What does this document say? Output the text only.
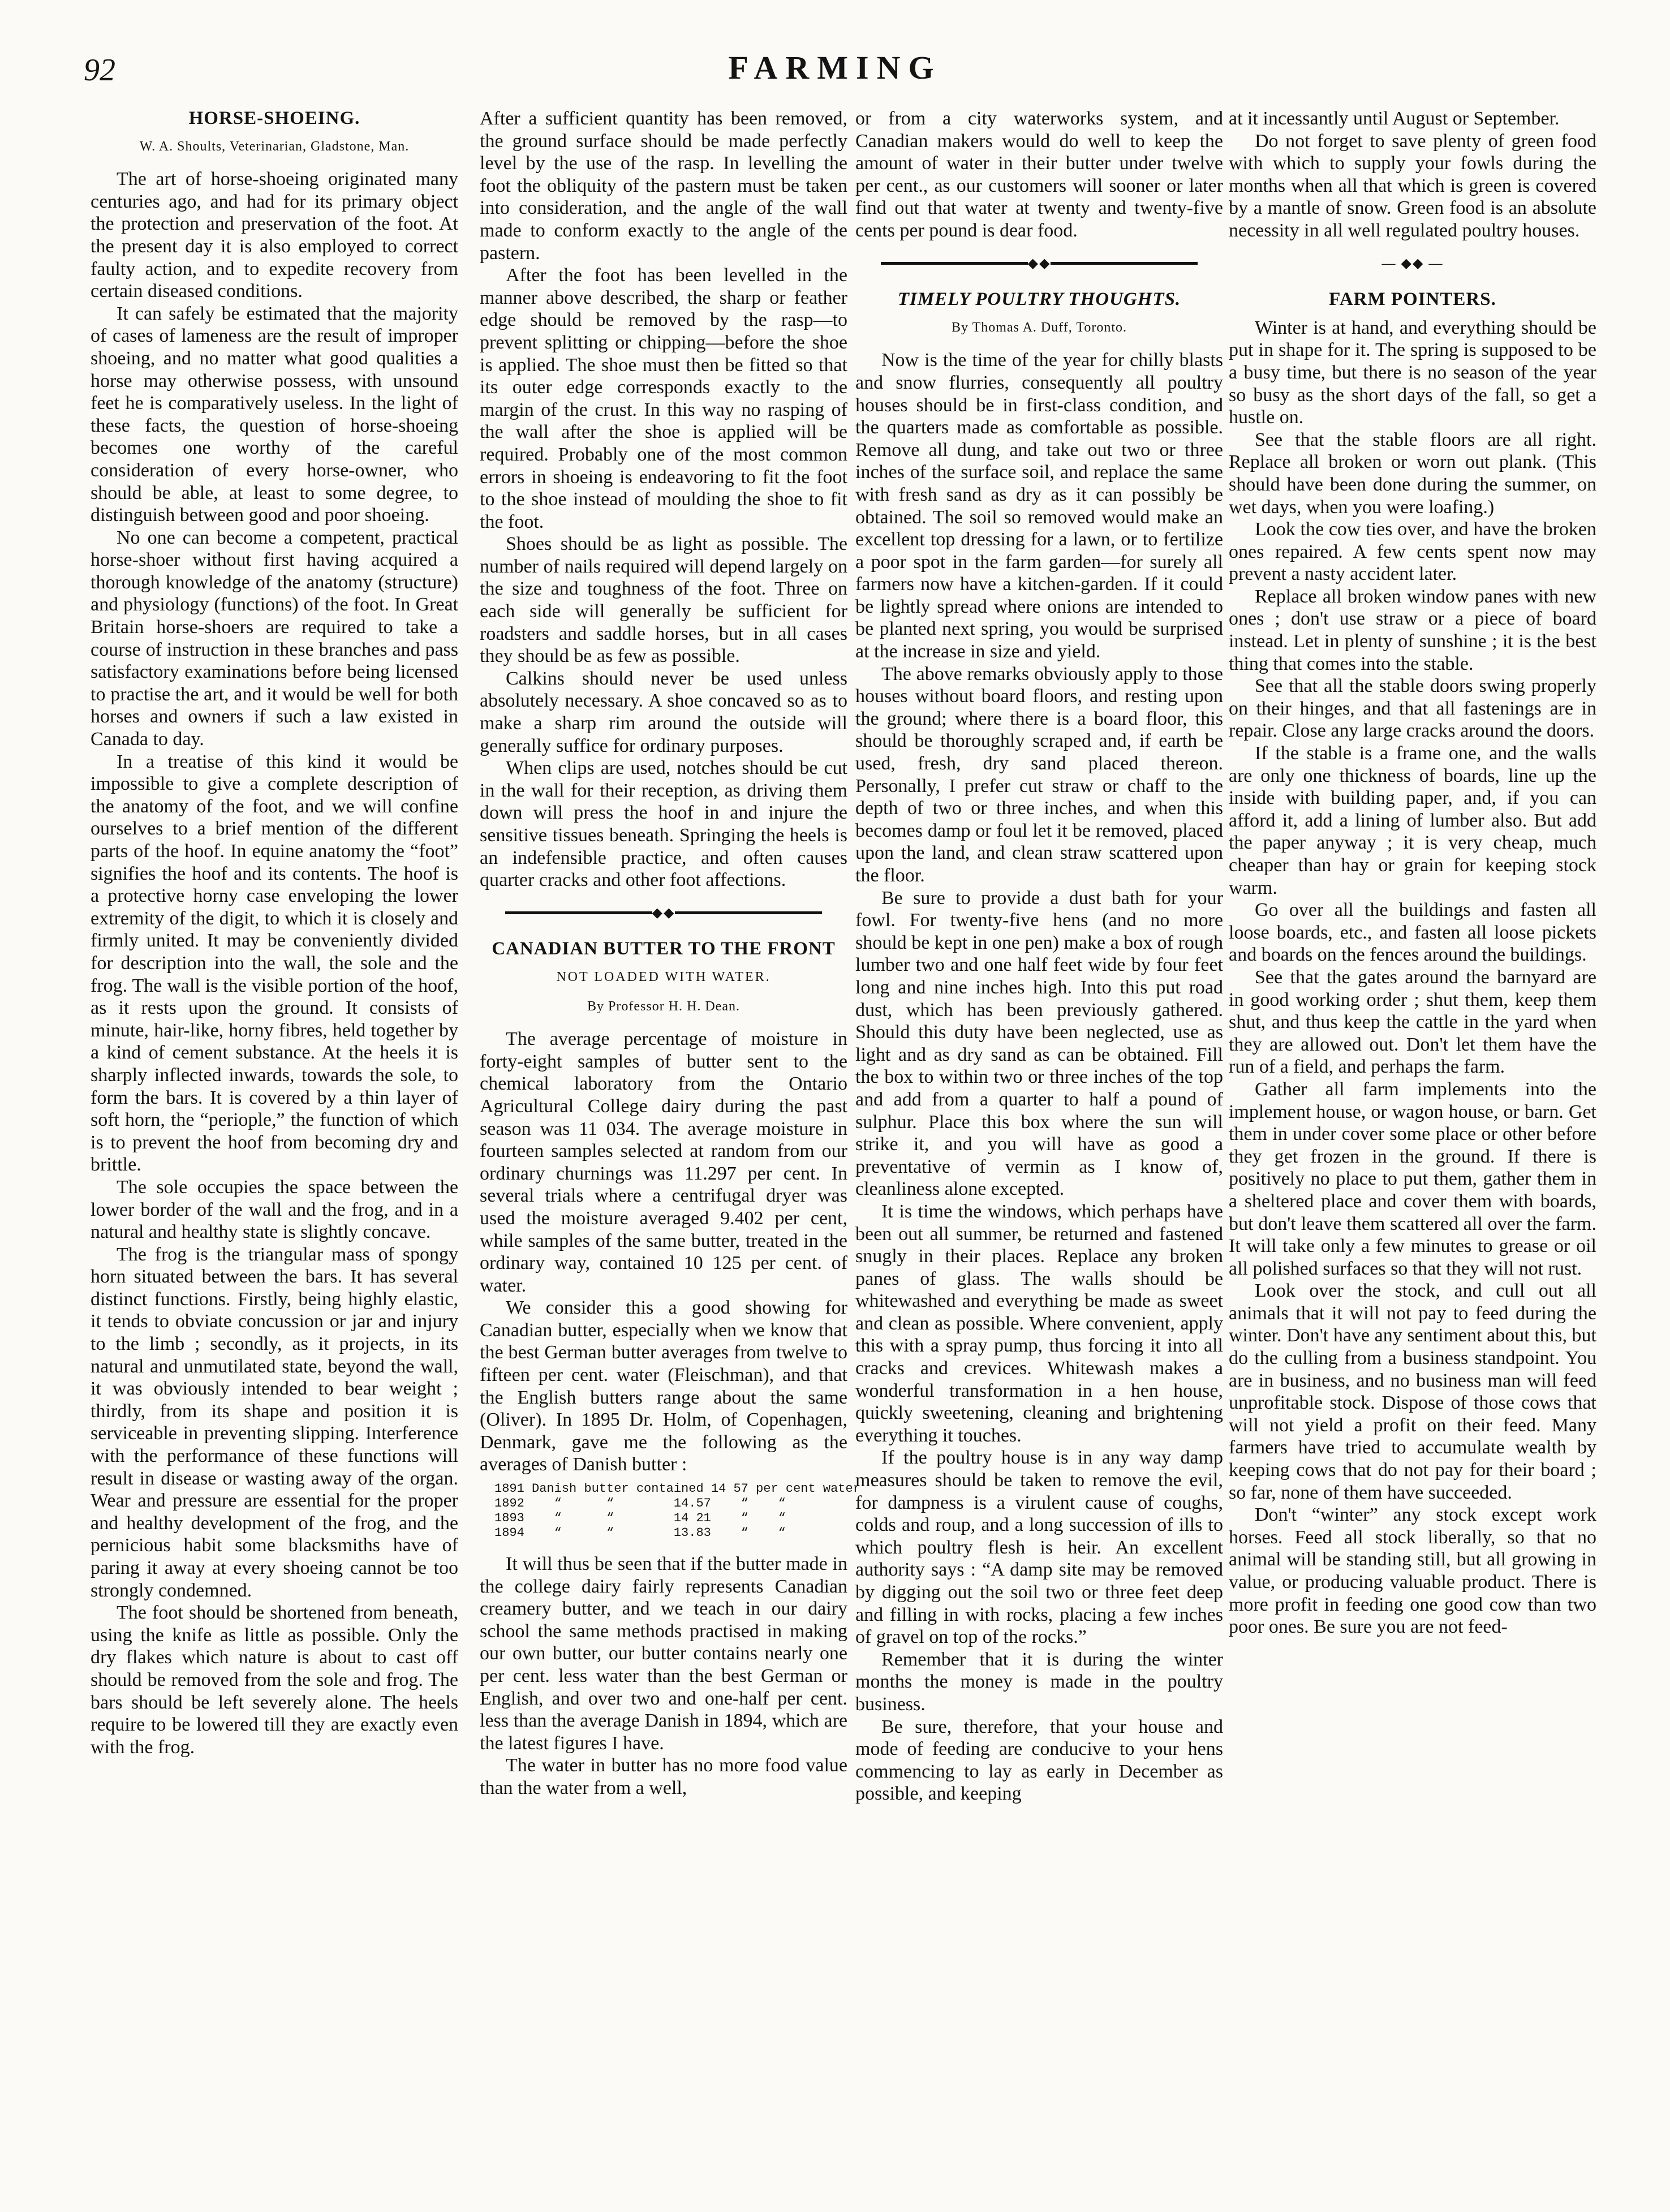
92	FARMING
HORSE-SHOEING.
W. A. Shoults, Veterinarian, Gladstone, Man.

The art of horse-shoeing originated many centuries ago, and had for its primary object the protection and preservation of the foot. At the present day it is also employed to correct faulty action, and to expedite recovery from certain diseased conditions.

It can safely be estimated that the majority of cases of lameness are the result of improper shoeing, and no matter what good qualities a horse may otherwise possess, with unsound feet he is comparatively useless. In the light of these facts, the question of horse-shoeing becomes one worthy of the careful consideration of every horse-owner, who should be able, at least to some degree, to distinguish between good and poor shoeing.

No one can become a competent, practical horse-shoer without first having acquired a thorough knowledge of the anatomy (structure) and physiology (functions) of the foot. In Great Britain horse-shoers are required to take a course of instruction in these branches and pass satisfactory examinations before being licensed to practise the art, and it would be well for both horses and owners if such a law existed in Canada to day.

In a treatise of this kind it would be impossible to give a complete description of the anatomy of the foot, and we will confine ourselves to a brief mention of the different parts of the hoof. In equine anatomy the “foot” signifies the hoof and its contents. The hoof is a protective horny case enveloping the lower extremity of the digit, to which it is closely and firmly united. It may be conveniently divided for description into the wall, the sole and the frog. The wall is the visible portion of the hoof, as it rests upon the ground. It consists of minute, hair-like, horny fibres, held together by a kind of cement substance. At the heels it is sharply inflected inwards, towards the sole, to form the bars. It is covered by a thin layer of soft horn, the “periople,” the function of which is to prevent the hoof from becoming dry and brittle.

The sole occupies the space between the lower border of the wall and the frog, and in a natural and healthy state is slightly concave.

The frog is the triangular mass of spongy horn situated between the bars. It has several distinct functions. Firstly, being highly elastic, it tends to obviate concussion or jar and injury to the limb ; secondly, as it projects, in its natural and unmutilated state, beyond the wall, it was obviously intended to bear weight ; thirdly, from its shape and position it is serviceable in preventing slipping. Interference with the performance of these functions will result in disease or wasting away of the organ. Wear and pressure are essential for the proper and healthy development of the frog, and the pernicious habit some blacksmiths have of paring it away at every shoeing cannot be too strongly condemned.

The foot should be shortened from beneath, using the knife as little as possible. Only the dry flakes which nature is about to cast off should be removed from the sole and frog. The bars should be left severely alone. The heels require to be lowered till they are exactly even with the frog.

After a sufficient quantity has been removed, the ground surface should be made perfectly level by the use of the rasp. In levelling the foot the obliquity of the pastern must be taken into consideration, and the angle of the wall made to conform exactly to the angle of the pastern.

After the foot has been levelled in the manner above described, the sharp or feather edge should be removed by the rasp—to prevent splitting or chipping—before the shoe is applied. The shoe must then be fitted so that its outer edge corresponds exactly to the margin of the crust. In this way no rasping of the wall after the shoe is applied will be required. Probably one of the most common errors in shoeing is endeavoring to fit the foot to the shoe instead of moulding the shoe to fit the foot.

Shoes should be as light as possible. The number of nails required will depend largely on the size and toughness of the foot. Three on each side will generally be sufficient for roadsters and saddle horses, but in all cases they should be as few as possible.

Calkins should never be used unless absolutely necessary. A shoe concaved so as to make a sharp rim around the outside will generally suffice for ordinary purposes.

When clips are used, notches should be cut in the wall for their reception, as driving them down will press the hoof in and injure the sensitive tissues beneath. Springing the heels is an indefensible practice, and often causes quarter cracks and other foot affections.

◆◆
CANADIAN BUTTER TO THE FRONT
NOT LOADED WITH WATER.
By Professor H. H. Dean.

The average percentage of moisture in forty-eight samples of butter sent to the chemical laboratory from the Ontario Agricultural College dairy during the past season was 11 034. The average moisture in fourteen samples selected at random from our ordinary churnings was 11.297 per cent. In several trials where a centrifugal dryer was used the moisture averaged 9.402 per cent, while samples of the same butter, treated in the ordinary way, contained 10 125 per cent. of water.

We consider this a good showing for Canadian butter, especially when we know that the best German butter averages from twelve to fifteen per cent. water (Fleischman), and that the English butters range about the same (Oliver). In 1895 Dr. Holm, of Copenhagen, Denmark, gave me the following as the averages of Danish butter :

1891 Danish butter contained 14 57 per cent water
1892    “      “        14.57    “    “
1893    “      “        14 21    “    “
1894    “      “        13.83    “    “

It will thus be seen that if the butter made in the college dairy fairly represents Canadian creamery butter, and we teach in our dairy school the same methods practised in making our own butter, our butter contains nearly one per cent. less water than the best German or English, and over two and one-half per cent. less than the average Danish in 1894, which are the latest figures I have.

The water in butter has no more food value than the water from a well,

or from a city waterworks system, and Canadian makers would do well to keep the amount of water in their butter under twelve per cent., as our customers will sooner or later find out that water at twenty and twenty-five cents per pound is dear food.

◆◆
TIMELY POULTRY THOUGHTS.
By Thomas A. Duff, Toronto.

Now is the time of the year for chilly blasts and snow flurries, consequently all poultry houses should be in first-class condition, and the quarters made as comfortable as possible. Remove all dung, and take out two or three inches of the surface soil, and replace the same with fresh sand as dry as it can possibly be obtained. The soil so removed would make an excellent top dressing for a lawn, or to fertilize a poor spot in the farm garden—for surely all farmers now have a kitchen-garden. If it could be lightly spread where onions are intended to be planted next spring, you would be surprised at the increase in size and yield.

The above remarks obviously apply to those houses without board floors, and resting upon the ground; where there is a board floor, this should be thoroughly scraped and, if earth be used, fresh, dry sand placed thereon. Personally, I prefer cut straw or chaff to the depth of two or three inches, and when this becomes damp or foul let it be removed, placed upon the land, and clean straw scattered upon the floor.

Be sure to provide a dust bath for your fowl. For twenty-five hens (and no more should be kept in one pen) make a box of rough lumber two and one half feet wide by four feet long and nine inches high. Into this put road dust, which has been previously gathered. Should this duty have been neglected, use as light and as dry sand as can be obtained. Fill the box to within two or three inches of the top and add from a quarter to half a pound of sulphur. Place this box where the sun will strike it, and you will have as good a preventative of vermin as I know of, cleanliness alone excepted.

It is time the windows, which perhaps have been out all summer, be returned and fastened snugly in their places. Replace any broken panes of glass. The walls should be whitewashed and everything be made as sweet and clean as possible. Where convenient, apply this with a spray pump, thus forcing it into all cracks and crevices. Whitewash makes a wonderful transformation in a hen house, quickly sweetening, cleaning and brightening everything it touches.

If the poultry house is in any way damp measures should be taken to remove the evil, for dampness is a virulent cause of coughs, colds and roup, and a long succession of ills to which poultry flesh is heir. An excellent authority says : “A damp site may be removed by digging out the soil two or three feet deep and filling in with rocks, placing a few inches of gravel on top of the rocks.”

Remember that it is during the winter months the money is made in the poultry business.

Be sure, therefore, that your house and mode of feeding are conducive to your hens commencing to lay as early in December as possible, and keeping

at it incessantly until August or September.

Do not forget to save plenty of green food with which to supply your fowls during the months when all that which is green is covered by a mantle of snow. Green food is an absolute necessity in all well regulated poultry houses.

— ◆◆ —
FARM POINTERS.

Winter is at hand, and everything should be put in shape for it. The spring is supposed to be a busy time, but there is no season of the year so busy as the short days of the fall, so get a hustle on.

See that the stable floors are all right. Replace all broken or worn out plank. (This should have been done during the summer, on wet days, when you were loafing.)

Look the cow ties over, and have the broken ones repaired. A few cents spent now may prevent a nasty accident later.

Replace all broken window panes with new ones ; don't use straw or a piece of board instead. Let in plenty of sunshine ; it is the best thing that comes into the stable.

See that all the stable doors swing properly on their hinges, and that all fastenings are in repair. Close any large cracks around the doors.

If the stable is a frame one, and the walls are only one thickness of boards, line up the inside with building paper, and, if you can afford it, add a lining of lumber also. But add the paper anyway ; it is very cheap, much cheaper than hay or grain for keeping stock warm.

Go over all the buildings and fasten all loose boards, etc., and fasten all loose pickets and boards on the fences around the buildings.

See that the gates around the barnyard are in good working order ; shut them, keep them shut, and thus keep the cattle in the yard when they are allowed out. Don't let them have the run of a field, and perhaps the farm.

Gather all farm implements into the implement house, or wagon house, or barn. Get them in under cover some place or other before they get frozen in the ground. If there is positively no place to put them, gather them in a sheltered place and cover them with boards, but don't leave them scattered all over the farm. It will take only a few minutes to grease or oil all polished surfaces so that they will not rust.

Look over the stock, and cull out all animals that it will not pay to feed during the winter. Don't have any sentiment about this, but do the culling from a business standpoint. You are in business, and no business man will feed unprofitable stock. Dispose of those cows that will not yield a profit on their feed. Many farmers have tried to accumulate wealth by keeping cows that do not pay for their board ; so far, none of them have succeeded.

Don't “winter” any stock except work horses. Feed all stock liberally, so that no animal will be standing still, but all growing in value, or producing valuable product. There is more profit in feeding one good cow than two poor ones. Be sure you are not feed-
